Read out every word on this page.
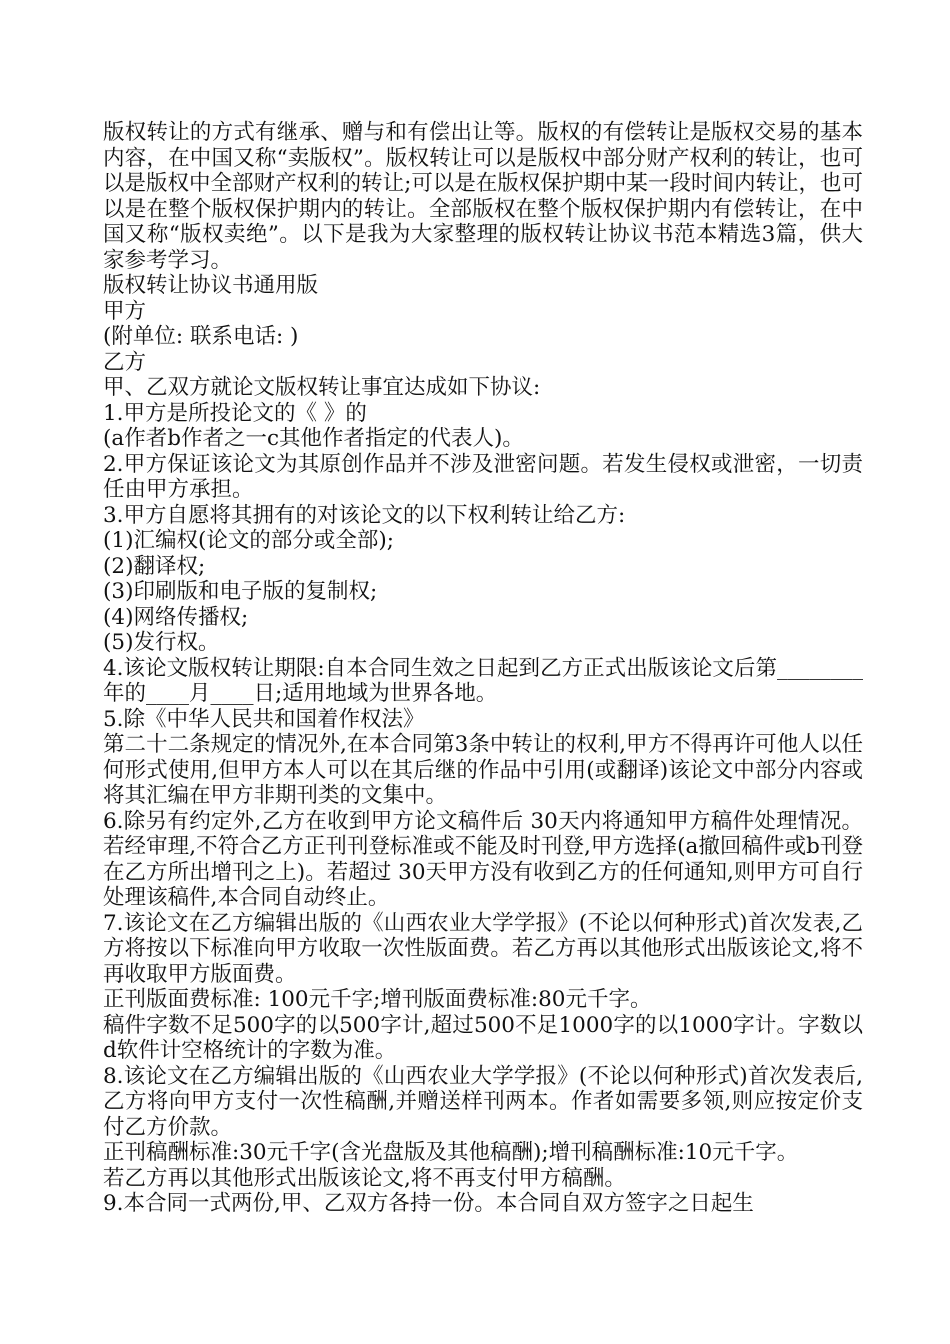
版权转让的方式有继承、赠与和有偿出让等。版权的有偿转让是版权交易的基本内容，在中国又称“卖版权”。版权转让可以是版权中部分财产权利的转让，也可以是版权中全部财产权利的转让;可以是在版权保护期中某一段时间内转让，也可以是在整个版权保护期内的转让。全部版权在整个版权保护期内有偿转让，在中国又称“版权卖绝”。以下是我为大家整理的版权转让协议书范本精选3篇，供大家参考学习。

版权转让协议书通用版

甲方

(附单位: 联系电话: )

乙方

甲、乙双方就论文版权转让事宜达成如下协议:

1.甲方是所投论文的《 》的

(a作者b作者之一c其他作者指定的代表人)。

2.甲方保证该论文为其原创作品并不涉及泄密问题。若发生侵权或泄密，一切责任由甲方承担。

3.甲方自愿将其拥有的对该论文的以下权利转让给乙方:

(1)汇编权(论文的部分或全部);

(2)翻译权;

(3)印刷版和电子版的复制权;

(4)网络传播权;

(5)发行权。

4.该论文版权转让期限:自本合同生效之日起到乙方正式出版该论文后第________年的____月____日;适用地域为世界各地。

5.除《中华人民共和国着作权法》

第二十二条规定的情况外,在本合同第3条中转让的权利,甲方不得再许可他人以任何形式使用,但甲方本人可以在其后继的作品中引用(或翻译)该论文中部分内容或将其汇编在甲方非期刊类的文集中。

6.除另有约定外,乙方在收到甲方论文稿件后 30天内将通知甲方稿件处理情况。若经审理,不符合乙方正刊刊登标准或不能及时刊登,甲方选择(a撤回稿件或b刊登在乙方所出增刊之上)。若超过 30天甲方没有收到乙方的任何通知,则甲方可自行处理该稿件,本合同自动终止。

7.该论文在乙方编辑出版的《山西农业大学学报》(不论以何种形式)首次发表,乙方将按以下标准向甲方收取一次性版面费。若乙方再以其他形式出版该论文,将不再收取甲方版面费。

正刊版面费标准: 100元千字;增刊版面费标准:80元千字。

稿件字数不足500字的以500字计,超过500不足1000字的以1000字计。字数以d软件计空格统计的字数为准。

8.该论文在乙方编辑出版的《山西农业大学学报》(不论以何种形式)首次发表后,乙方将向甲方支付一次性稿酬,并赠送样刊两本。作者如需要多领,则应按定价支付乙方价款。

正刊稿酬标准:30元千字(含光盘版及其他稿酬);增刊稿酬标准:10元千字。

若乙方再以其他形式出版该论文,将不再支付甲方稿酬。

9.本合同一式两份,甲、乙双方各持一份。本合同自双方签字之日起生
